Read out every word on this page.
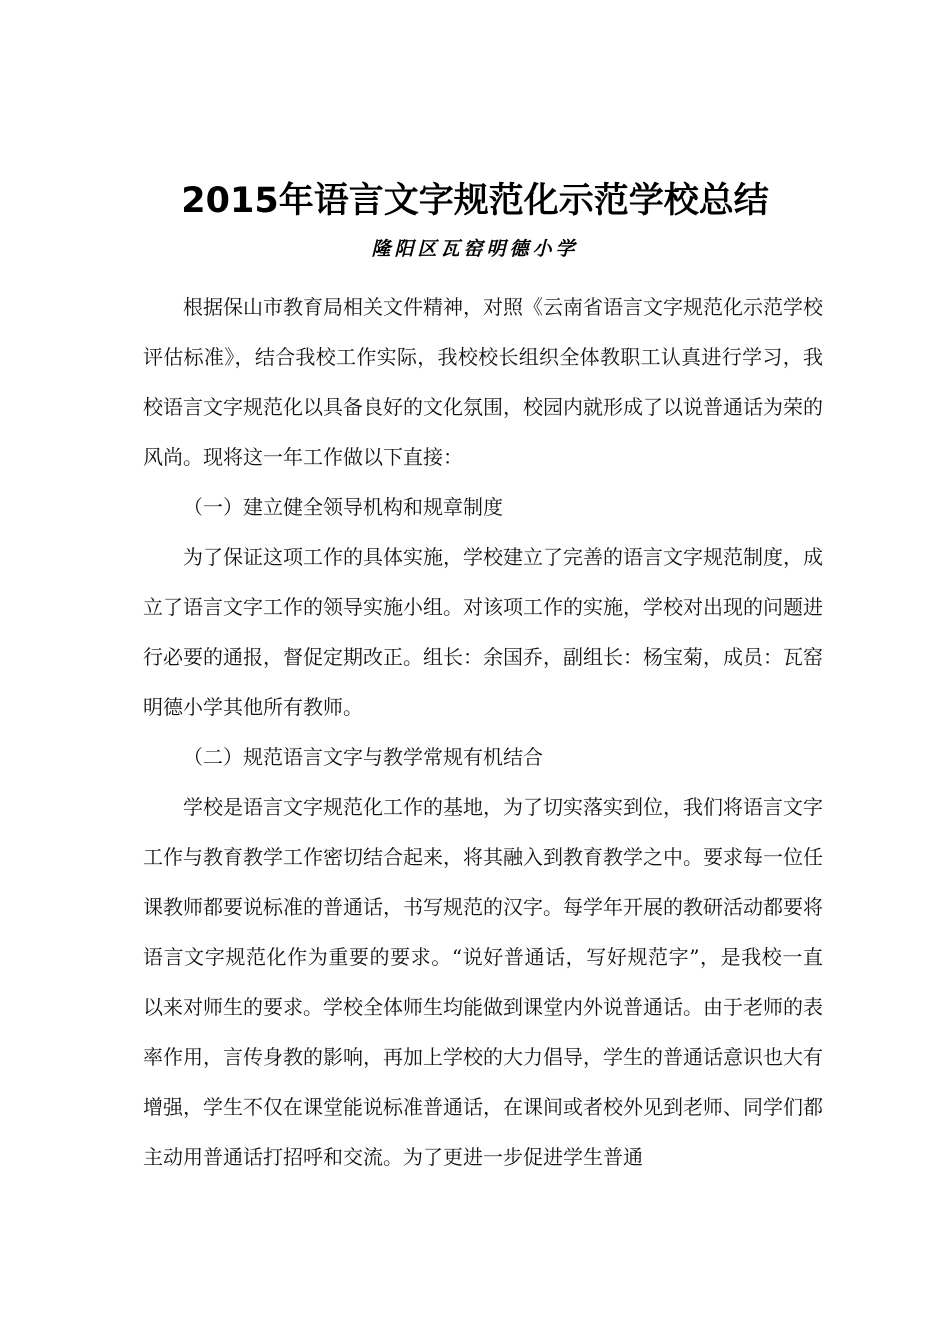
2015年语言文字规范化示范学校总结
隆阳区瓦窑明德小学

根据保山市教育局相关文件精神，对照《云南省语言文字规范化示范学校评估标准》，结合我校工作实际，我校校长组织全体教职工认真进行学习，我校语言文字规范化以具备良好的文化氛围，校园内就形成了以说普通话为荣的风尚。现将这一年工作做以下直接：

（一）建立健全领导机构和规章制度

为了保证这项工作的具体实施，学校建立了完善的语言文字规范制度，成立了语言文字工作的领导实施小组。对该项工作的实施，学校对出现的问题进行必要的通报，督促定期改正。组长：余国乔，副组长：杨宝菊，成员：瓦窑明德小学其他所有教师。

（二）规范语言文字与教学常规有机结合

学校是语言文字规范化工作的基地，为了切实落实到位，我们将语言文字工作与教育教学工作密切结合起来，将其融入到教育教学之中。要求每一位任课教师都要说标准的普通话，书写规范的汉字。每学年开展的教研活动都要将语言文字规范化作为重要的要求。“说好普通话，写好规范字”，是我校一直以来对师生的要求。学校全体师生均能做到课堂内外说普通话。由于老师的表率作用，言传身教的影响，再加上学校的大力倡导，学生的普通话意识也大有增强，学生不仅在课堂能说标准普通话，在课间或者校外见到老师、同学们都主动用普通话打招呼和交流。为了更进一步促进学生普通
